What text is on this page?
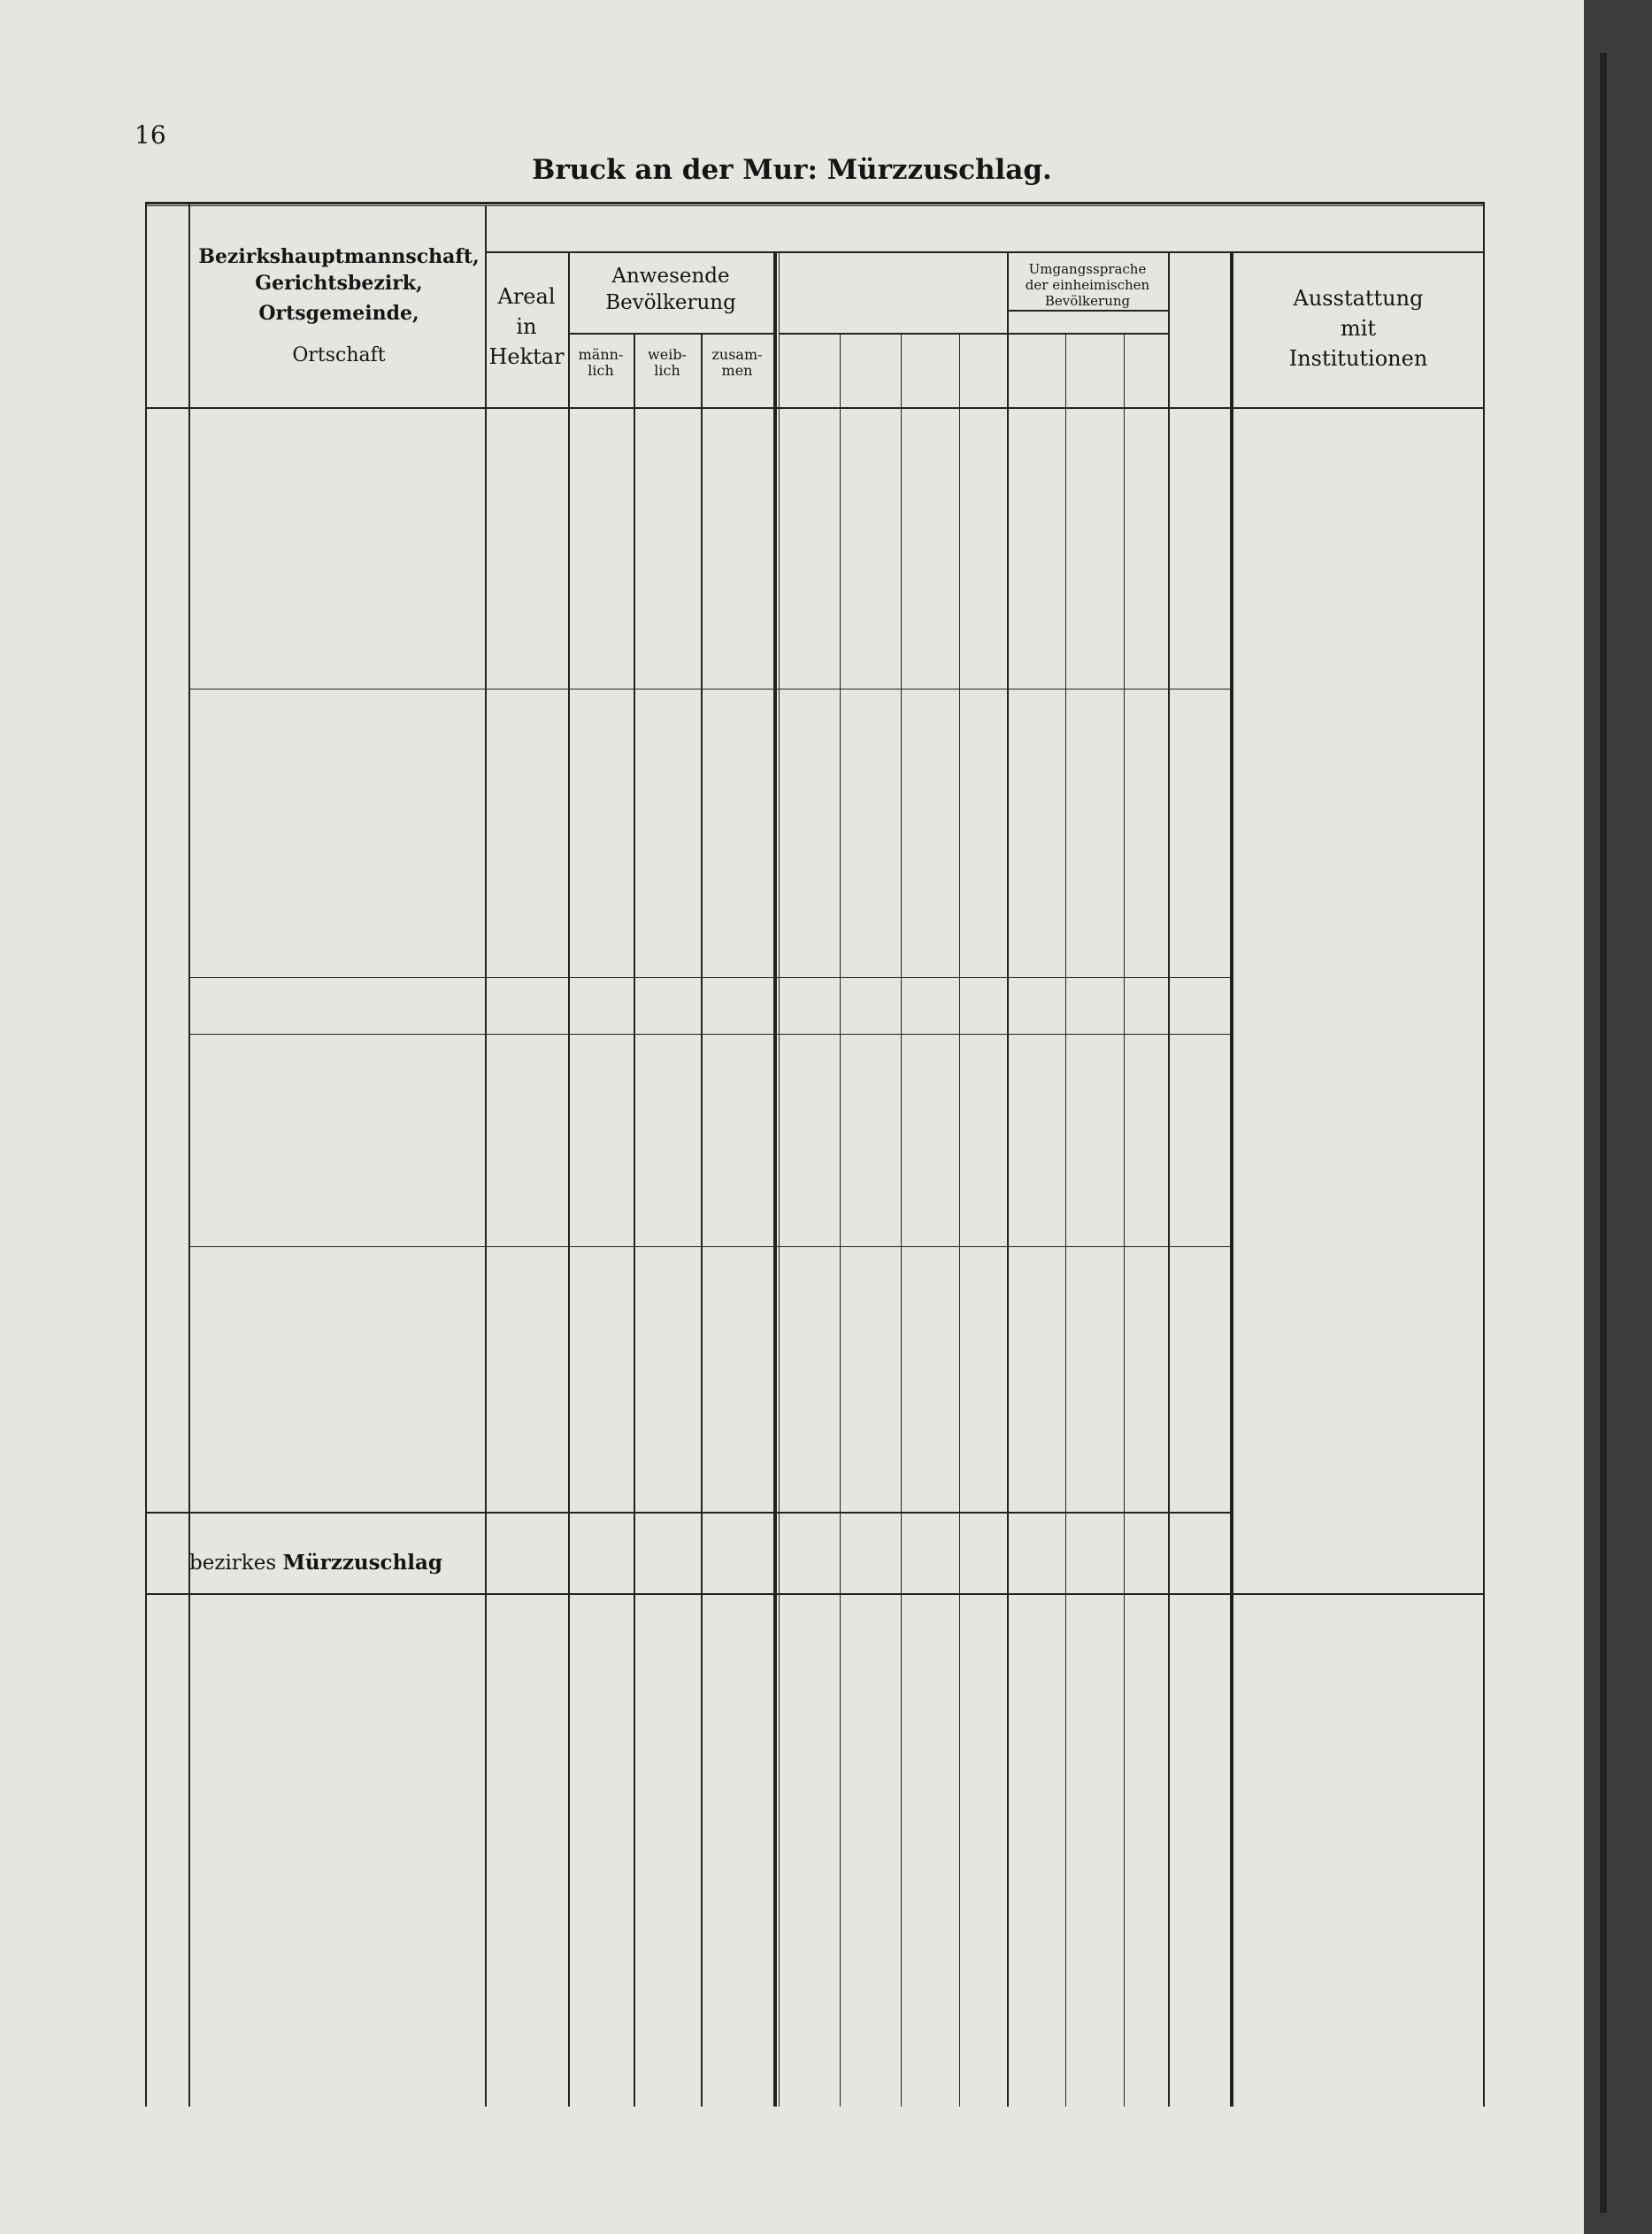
16
Bruck an der Mur: Mürzzuschlag.
Bezirkshauptmannschaft,
Gerichtsbezirk,
Ortsgemeinde,
Ortschaft
Areal
in
Hektar
Anwesende
Bevölkerung
männ-
lich
weib-
lich
zusam-
men
Umgangssprache
der einheimischen
Bevölkerung	Ausstattung
mit
Institutionen
bezirkes Mürzzuschlag
